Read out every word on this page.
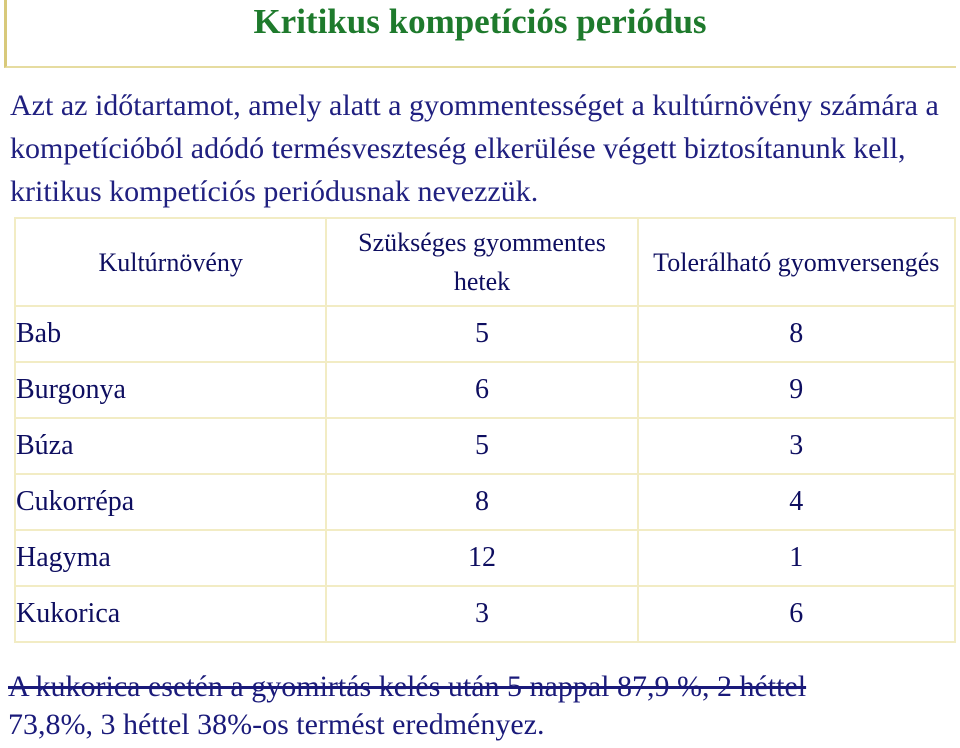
Kritikus kompetíciós periódus

Azt az időtartamot, amely alatt a gyommentességet a kultúrnövény számára a kompetícióból adódó termésveszteség elkerülése végett biztosítanunk kell, kritikus kompetíciós periódusnak nevezzük.

Kultúrnövény	Szükséges gyommentes hetek	Tolerálható gyomversengés
Bab	5	8
Burgonya	6	9
Búza	5	3
Cukorrépa	8	4
Hagyma	12	1
Kukorica	3	6

A kukorica esetén a gyomirtás kelés után 5 nappal 87,9 %, 2 héttel
73,8%, 3 héttel 38%-os termést eredményez.
